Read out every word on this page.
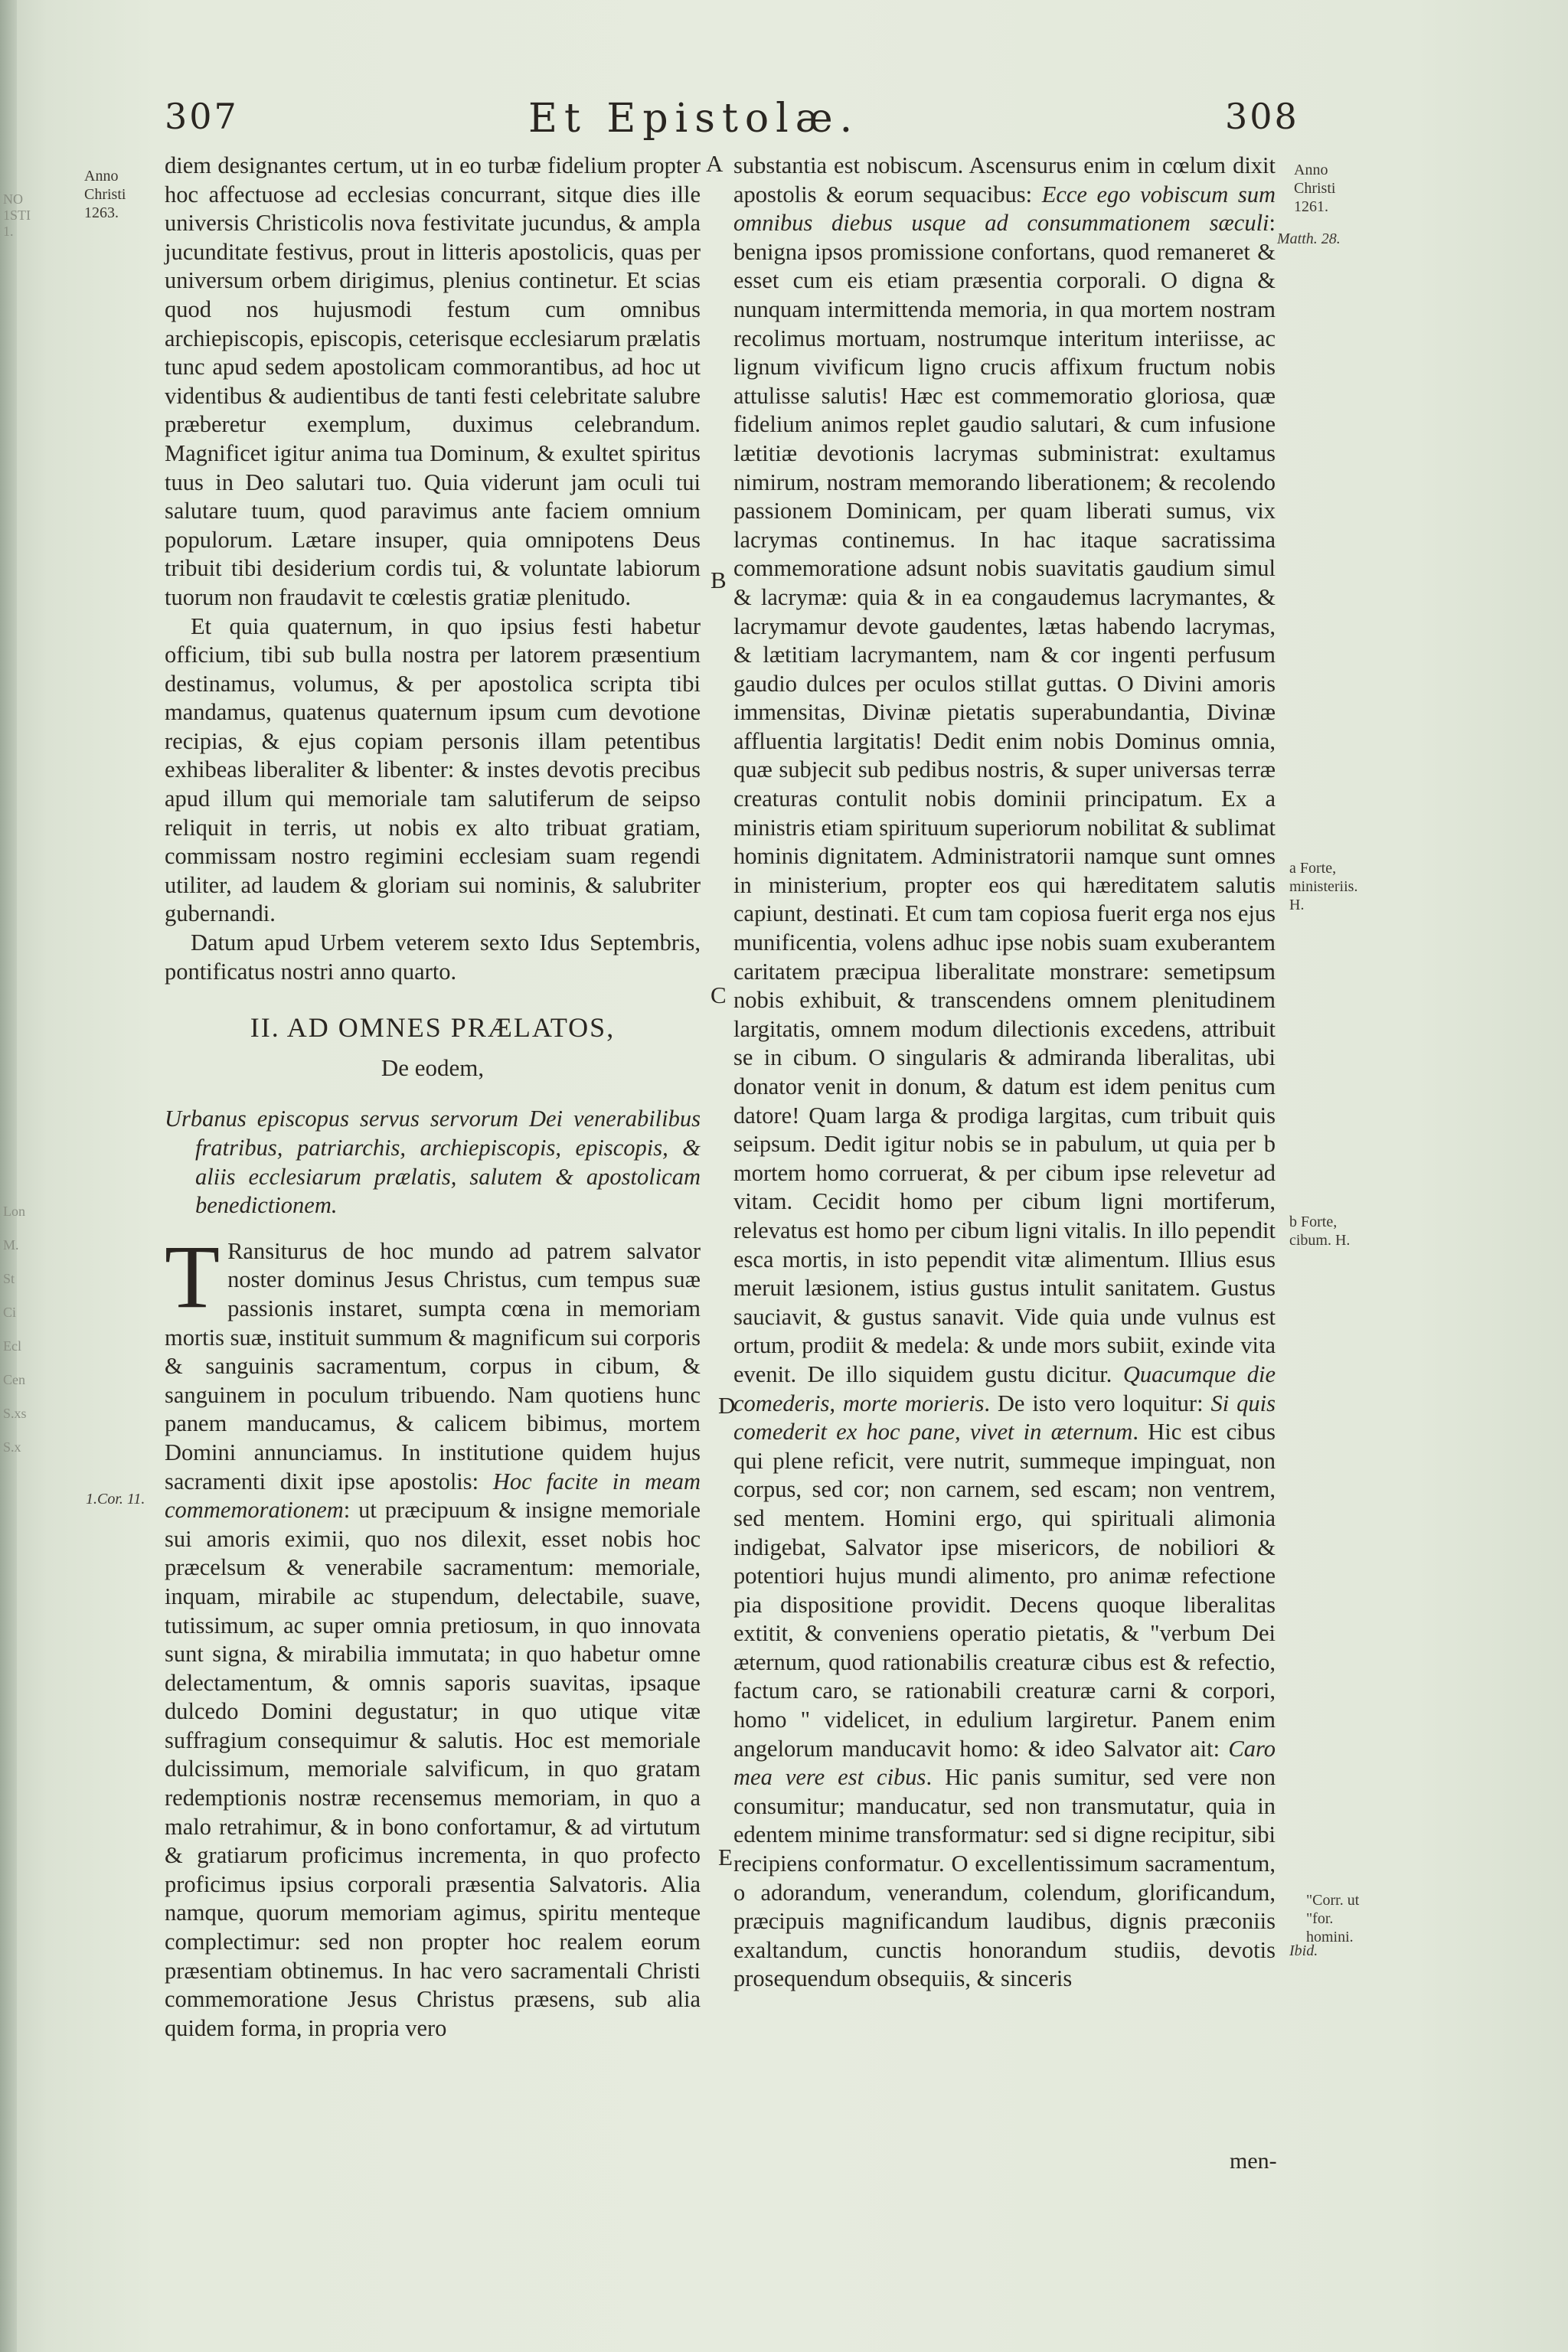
307	Et Epistolæ.	308
NO 1STI 1.
Lon M. St Ci Ecl Cen S.xs S.x
Anno Christi 1263.
Anno Christi 1261.
Matth. 28.
a Forte, ministeriis. H.
b Forte, cibum. H.
"Corr. ut "for. homini.
1.Cor. 11.
Ibid.
A
B
C
D
E

diem designantes certum, ut in eo turbæ fidelium propter hoc affectuose ad ecclesias concurrant, sitque dies ille universis Christicolis nova festivitate jucundus, & ampla jucunditate festivus, prout in litteris apostolicis, quas per universum orbem dirigimus, plenius continetur. Et scias quod nos hujusmodi festum cum omnibus archiepiscopis, episcopis, ceterisque ecclesiarum prælatis tunc apud sedem apostolicam commorantibus, ad hoc ut videntibus & audientibus de tanti festi celebritate salubre præberetur exemplum, duximus celebrandum. Magnificet igitur anima tua Dominum, & exultet spiritus tuus in Deo salutari tuo. Quia viderunt jam oculi tui salutare tuum, quod paravimus ante faciem omnium populorum. Lætare insuper, quia omnipotens Deus tribuit tibi desiderium cordis tui, & voluntate labiorum tuorum non fraudavit te cœlestis gratiæ plenitudo.

Et quia quaternum, in quo ipsius festi habetur officium, tibi sub bulla nostra per latorem præsentium destinamus, volumus, & per apostolica scripta tibi mandamus, quatenus quaternum ipsum cum devotione recipias, & ejus copiam personis illam petentibus exhibeas liberaliter & libenter: & instes devotis precibus apud illum qui memoriale tam salutiferum de seipso reliquit in terris, ut nobis ex alto tribuat gratiam, commissam nostro regimini ecclesiam suam regendi utiliter, ad laudem & gloriam sui nominis, & salubriter gubernandi.

Datum apud Urbem veterem sexto Idus Septembris, pontificatus nostri anno quarto.

II. AD OMNES PRÆLATOS,
De eodem,

Urbanus episcopus servus servorum Dei venerabilibus fratribus, patriarchis, archiepiscopis, episcopis, & aliis ecclesiarum prælatis, salutem & apostolicam benedictionem.

T Ransiturus de hoc mundo ad patrem salvator noster dominus Jesus Christus, cum tempus suæ passionis instaret, sumpta cœna in memoriam mortis suæ, instituit summum & magnificum sui corporis & sanguinis sacramentum, corpus in cibum, & sanguinem in poculum tribuendo. Nam quotiens hunc panem manducamus, & calicem bibimus, mortem Domini annunciamus. In institutione quidem hujus sacramenti dixit ipse apostolis: Hoc facite in meam commemorationem: ut præcipuum & insigne memoriale sui amoris eximii, quo nos dilexit, esset nobis hoc præcelsum & venerabile sacramentum: memoriale, inquam, mirabile ac stupendum, delectabile, suave, tutissimum, ac super omnia pretiosum, in quo innovata sunt signa, & mirabilia immutata; in quo habetur omne delectamentum, & omnis saporis suavitas, ipsaque dulcedo Domini degustatur; in quo utique vitæ suffragium consequimur & salutis. Hoc est memoriale dulcissimum, memoriale salvificum, in quo gratam redemptionis nostræ recensemus memoriam, in quo a malo retrahimur, & in bono confortamur, & ad virtutum & gratiarum proficimus incrementa, in quo profecto proficimus ipsius corporali præsentia Salvatoris. Alia namque, quorum memoriam agimus, spiritu menteque complectimur: sed non propter hoc realem eorum præsentiam obtinemus. In hac vero sacramentali Christi commemoratione Jesus Christus præsens, sub alia quidem forma, in propria vero

substantia est nobiscum. Ascensurus enim in cœlum dixit apostolis & eorum sequacibus: Ecce ego vobiscum sum omnibus diebus usque ad consummationem sæculi: benigna ipsos promissione confortans, quod remaneret & esset cum eis etiam præsentia corporali. O digna & nunquam intermittenda memoria, in qua mortem nostram recolimus mortuam, nostrumque interitum interiisse, ac lignum vivificum ligno crucis affixum fructum nobis attulisse salutis! Hæc est commemoratio gloriosa, quæ fidelium animos replet gaudio salutari, & cum infusione lætitiæ devotionis lacrymas subministrat: exultamus nimirum, nostram memorando liberationem; & recolendo passionem Dominicam, per quam liberati sumus, vix lacrymas continemus. In hac itaque sacratissima commemoratione adsunt nobis suavitatis gaudium simul & lacrymæ: quia & in ea congaudemus lacrymantes, & lacrymamur devote gaudentes, lætas habendo lacrymas, & lætitiam lacrymantem, nam & cor ingenti perfusum gaudio dulces per oculos stillat guttas. O Divini amoris immensitas, Divinæ pietatis superabundantia, Divinæ affluentia largitatis! Dedit enim nobis Dominus omnia, quæ subjecit sub pedibus nostris, & super universas terræ creaturas contulit nobis dominii principatum. Ex a ministris etiam spirituum superiorum nobilitat & sublimat hominis dignitatem. Administratorii namque sunt omnes in ministerium, propter eos qui hæreditatem salutis capiunt, destinati. Et cum tam copiosa fuerit erga nos ejus munificentia, volens adhuc ipse nobis suam exuberantem caritatem præcipua liberalitate monstrare: semetipsum nobis exhibuit, & transcendens omnem plenitudinem largitatis, omnem modum dilectionis excedens, attribuit se in cibum. O singularis & admiranda liberalitas, ubi donator venit in donum, & datum est idem penitus cum datore! Quam larga & prodiga largitas, cum tribuit quis seipsum. Dedit igitur nobis se in pabulum, ut quia per b mortem homo corruerat, & per cibum ipse relevetur ad vitam. Cecidit homo per cibum ligni mortiferum, relevatus est homo per cibum ligni vitalis. In illo pependit esca mortis, in isto pependit vitæ alimentum. Illius esus meruit læsionem, istius gustus intulit sanitatem. Gustus sauciavit, & gustus sanavit. Vide quia unde vulnus est ortum, prodiit & medela: & unde mors subiit, exinde vita evenit. De illo siquidem gustu dicitur. Quacumque die comederis, morte morieris. De isto vero loquitur: Si quis comederit ex hoc pane, vivet in æternum. Hic est cibus qui plene reficit, vere nutrit, summeque impinguat, non corpus, sed cor; non carnem, sed escam; non ventrem, sed mentem. Homini ergo, qui spirituali alimonia indigebat, Salvator ipse misericors, de nobiliori & potentiori hujus mundi alimento, pro animæ refectione pia dispositione providit. Decens quoque liberalitas extitit, & conveniens operatio pietatis, & "verbum Dei æternum, quod rationabilis creaturæ cibus est & refectio, factum caro, se rationabili creaturæ carni & corpori, homo " videlicet, in edulium largiretur. Panem enim angelorum manducavit homo: & ideo Salvator ait: Caro mea vere est cibus. Hic panis sumitur, sed vere non consumitur; manducatur, sed non transmutatur, quia in edentem minime transformatur: sed si digne recipitur, sibi recipiens conformatur. O excellentissimum sacramentum, o adorandum, venerandum, colendum, glorificandum, præcipuis magnificandum laudibus, dignis præconiis exaltandum, cunctis honorandum studiis, devotis prosequendum obsequiis, & sinceris

men-
